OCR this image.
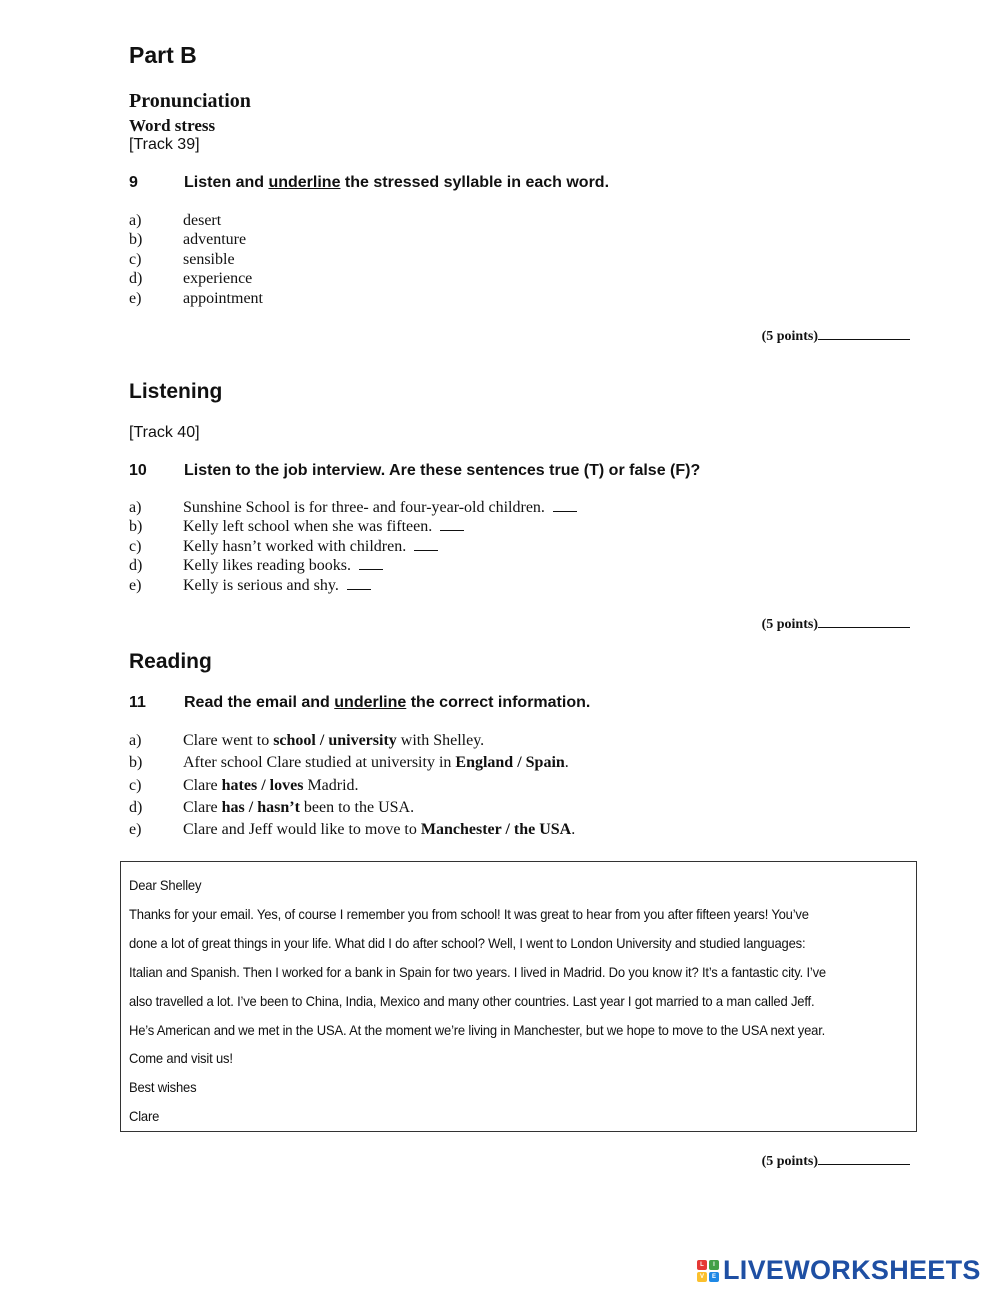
Part B
Pronunciation
Word stress
[Track 39]
9	Listen and underline the stressed syllable in each word.
a)	desert
b)	adventure
c)	sensible
d)	experience
e)	appointment
(5 points)
Listening
[Track 40]
10 Listen to the job interview. Are these sentences true (T) or false (F)?
a)	Sunshine School is for three- and four-year-old children.
b)	Kelly left school when she was fifteen.
c)	Kelly hasn’t worked with children.
d)	Kelly likes reading books.
e)	Kelly is serious and shy.
(5 points)
Reading
11 Read the email and underline the correct information.
a)	Clare went to school / university with Shelley.
b)	After school Clare studied at university in England / Spain.
c)	Clare hates / loves Madrid.
d)	Clare has / hasn’t been to the USA.
e)	Clare and Jeff would like to move to Manchester / the USA.

Dear Shelley

Thanks for your email. Yes, of course I remember you from school! It was great to hear from you after fifteen years! You’ve

done a lot of great things in your life. What did I do after school? Well, I went to London University and studied languages:

Italian and Spanish. Then I worked for a bank in Spain for two years. I lived in Madrid. Do you know it? It’s a fantastic city. I’ve

also travelled a lot. I’ve been to China, India, Mexico and many other countries. Last year I got married to a man called Jeff.

He’s American and we met in the USA. At the moment we’re living in Manchester, but we hope to move to the USA next year.

Come and visit us!

Best wishes

Clare

(5 points)
L	I
V	E LIVEWORKSHEETS
